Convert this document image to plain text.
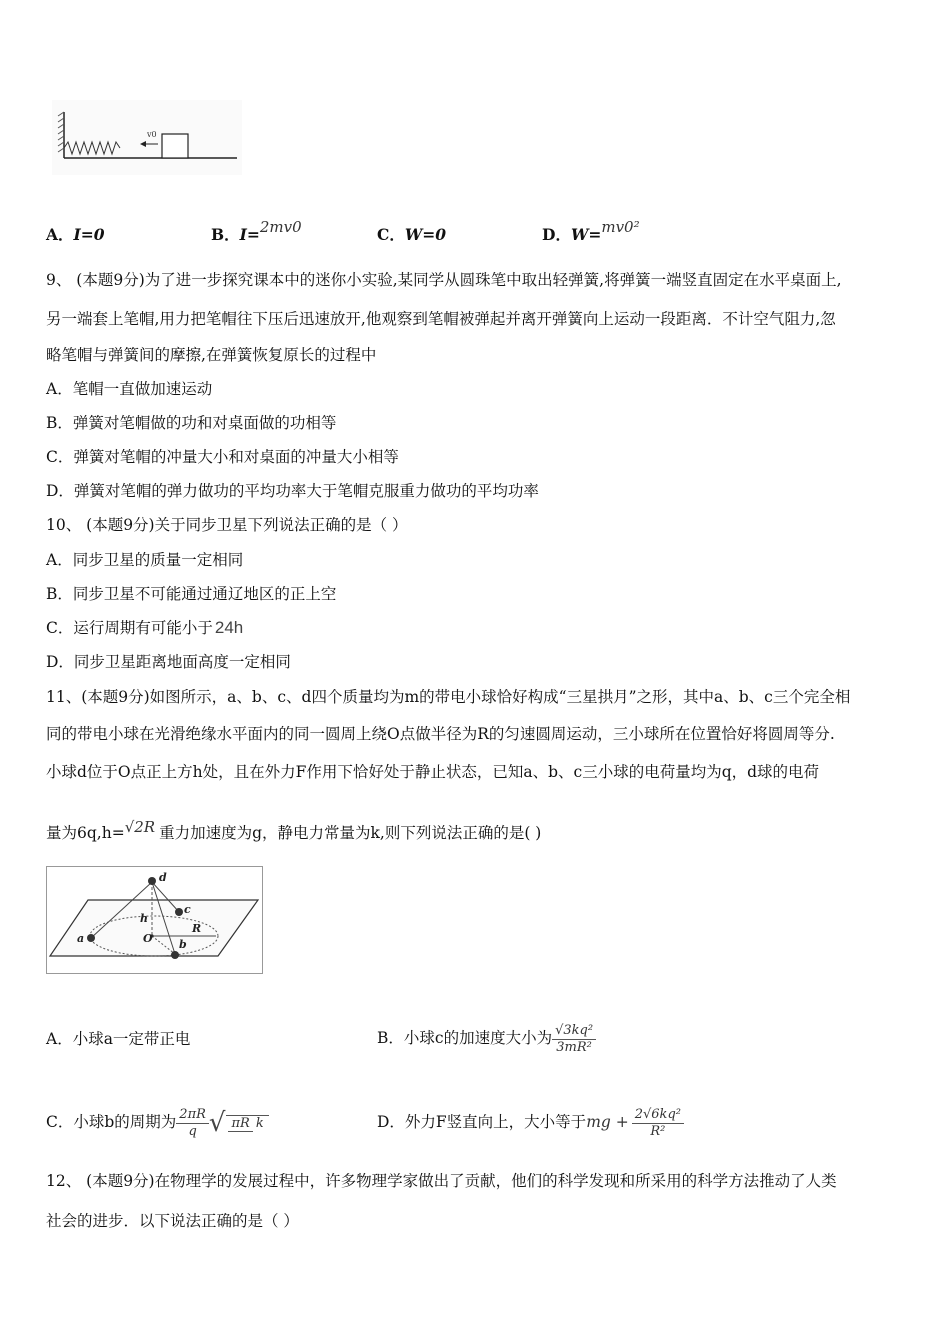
v0
A．I=0	B．I=2mv0	C．W=0	D．W=mv0²
9、 (本题9分)为了进一步探究课本中的迷你小实验,某同学从圆珠笔中取出轻弹簧,将弹簧一端竖直固定在水平桌面上,
另一端套上笔帽,用力把笔帽往下压后迅速放开,他观察到笔帽被弹起并离开弹簧向上运动一段距离．不计空气阻力,忽
略笔帽与弹簧间的摩擦,在弹簧恢复原长的过程中
A．笔帽一直做加速运动
B．弹簧对笔帽做的功和对桌面做的功相等
C．弹簧对笔帽的冲量大小和对桌面的冲量大小相等
D．弹簧对笔帽的弹力做功的平均功率大于笔帽克服重力做功的平均功率
10、 (本题9分)关于同步卫星下列说法正确的是（ ）
A．同步卫星的质量一定相同
B．同步卫星不可能通过通辽地区的正上空
C．运行周期有可能小于 24h
D．同步卫星距离地面高度一定相同
11、(本题9分)如图所示，a、b、c、d四个质量均为m的带电小球恰好构成“三星拱月”之形，其中a、b、c三个完全相
同的带电小球在光滑绝缘水平面内的同一圆周上绕O点做半径为R的匀速圆周运动，三小球所在位置恰好将圆周等分.
小球d位于O点正上方h处，且在外力F作用下恰好处于静止状态，已知a、b、c三小球的电荷量均为q，d球的电荷
量为6q,h=√2R 重力加速度为g，静电力常量为k,则下列说法正确的是( )
d
c
h
O
R
a	b
A．小球a一定带正电	B．小球c的加速度大小为 $\frac{\text{√3kq²}}{\text{3mR²}}$
C．小球b的周期为 $\frac{2\pi R}{q}$ √ πR k	D．外力F竖直向上，大小等于mg + $\frac{\text{2√6kq²}}{\text{R²}}$
12、 (本题9分)在物理学的发展过程中，许多物理学家做出了贡献，他们的科学发现和所采用的科学方法推动了人类
社会的进步．以下说法正确的是（ ）
